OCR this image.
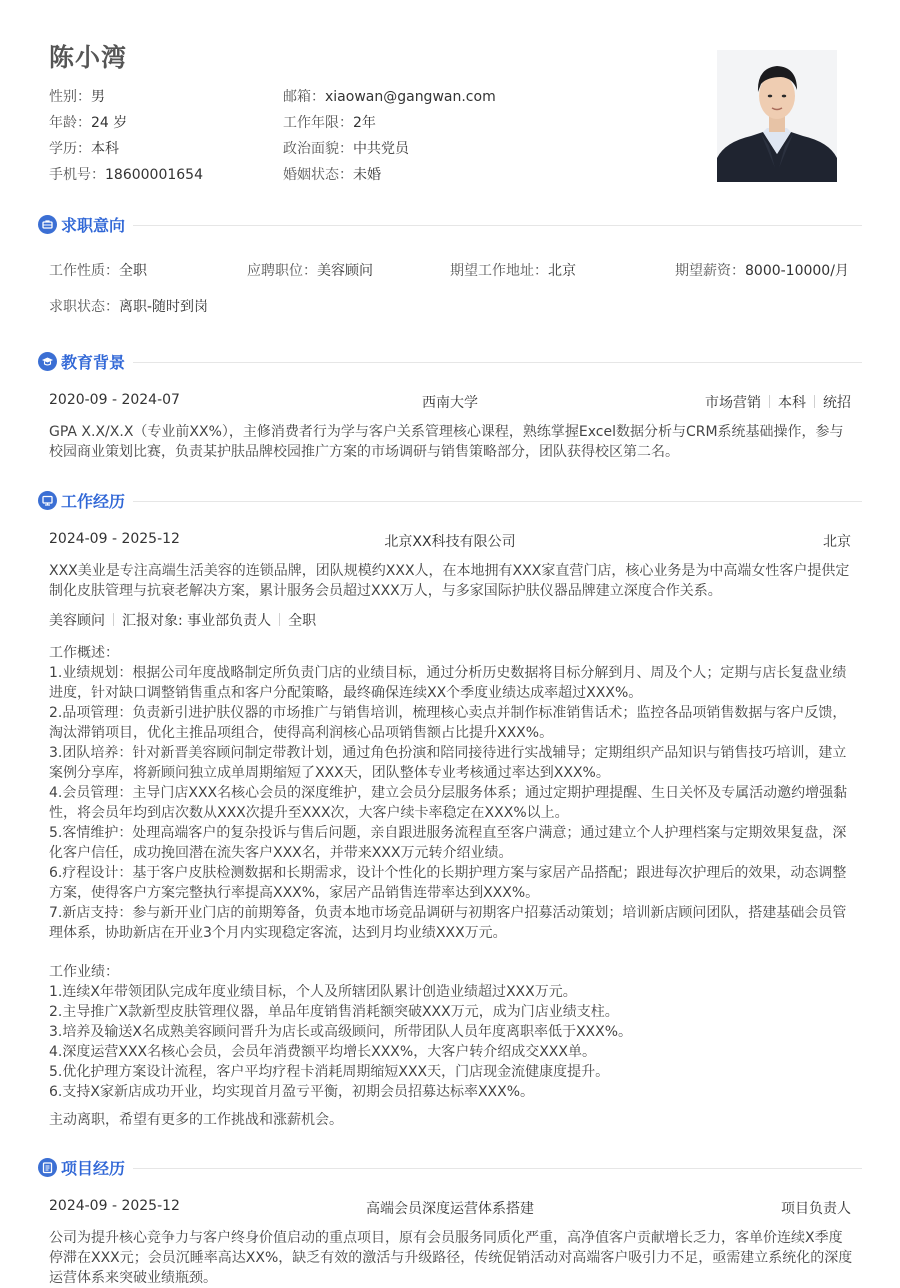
陈小湾
性别：男
年龄：24 岁
学历：本科
手机号：18600001654
邮箱：xiaowan@gangwan.com
工作年限：2年
政治面貌：中共党员
婚姻状态：未婚
求职意向
工作性质：全职	应聘职位：美容顾问	期望工作地址：北京	期望薪资：8000-10000/月
求职状态：离职-随时到岗
教育背景
2020-09 - 2024-07	西南大学	市场营销 本科 统招
GPA X.X/X.X（专业前XX%），主修消费者行为学与客户关系管理核心课程，熟练掌握Excel数据分析与CRM系统基础操作，参与校园商业策划比赛，负责某护肤品牌校园推广方案的市场调研与销售策略部分，团队获得校区第二名。
工作经历
2024-09 - 2025-12	北京XX科技有限公司	北京
XXX美业是专注高端生活美容的连锁品牌，团队规模约XXX人，在本地拥有XXX家直营门店，核心业务是为中高端女性客户提供定制化皮肤管理与抗衰老解决方案，累计服务会员超过XXX万人，与多家国际护肤仪器品牌建立深度合作关系。
美容顾问 汇报对象: 事业部负责人 全职
工作概述：
1.业绩规划：根据公司年度战略制定所负责门店的业绩目标，通过分析历史数据将目标分解到月、周及个人；定期与店长复盘业绩进度，针对缺口调整销售重点和客户分配策略，最终确保连续XX个季度业绩达成率超过XXX%。
2.品项管理：负责新引进护肤仪器的市场推广与销售培训，梳理核心卖点并制作标准销售话术；监控各品项销售数据与客户反馈，淘汰滞销项目，优化主推品项组合，使得高利润核心品项销售额占比提升XXX%。
3.团队培养：针对新晋美容顾问制定带教计划，通过角色扮演和陪同接待进行实战辅导；定期组织产品知识与销售技巧培训，建立案例分享库，将新顾问独立成单周期缩短了XXX天，团队整体专业考核通过率达到XXX%。
4.会员管理：主导门店XXX名核心会员的深度维护，建立会员分层服务体系；通过定期护理提醒、生日关怀及专属活动邀约增强黏性，将会员年均到店次数从XXX次提升至XXX次，大客户续卡率稳定在XXX%以上。
5.客情维护：处理高端客户的复杂投诉与售后问题，亲自跟进服务流程直至客户满意；通过建立个人护理档案与定期效果复盘，深化客户信任，成功挽回潜在流失客户XXX名，并带来XXX万元转介绍业绩。
6.疗程设计：基于客户皮肤检测数据和长期需求，设计个性化的长期护理方案与家居产品搭配；跟进每次护理后的效果，动态调整方案，使得客户方案完整执行率提高XXX%，家居产品销售连带率达到XXX%。
7.新店支持：参与新开业门店的前期筹备，负责本地市场竞品调研与初期客户招募活动策划；培训新店顾问团队，搭建基础会员管理体系，协助新店在开业3个月内实现稳定客流，达到月均业绩XXX万元。
工作业绩：
1.连续X年带领团队完成年度业绩目标，个人及所辖团队累计创造业绩超过XXX万元。
2.主导推广X款新型皮肤管理仪器，单品年度销售消耗额突破XXX万元，成为门店业绩支柱。
3.培养及输送X名成熟美容顾问晋升为店长或高级顾问，所带团队人员年度离职率低于XXX%。
4.深度运营XXX名核心会员，会员年消费额平均增长XXX%，大客户转介绍成交XXX单。
5.优化护理方案设计流程，客户平均疗程卡消耗周期缩短XXX天，门店现金流健康度提升。
6.支持X家新店成功开业，均实现首月盈亏平衡，初期会员招募达标率XXX%。
主动离职，希望有更多的工作挑战和涨薪机会。
项目经历
2024-09 - 2025-12	高端会员深度运营体系搭建	项目负责人
公司为提升核心竞争力与客户终身价值启动的重点项目，原有会员服务同质化严重，高净值客户贡献增长乏力，客单价连续X季度停滞在XXX元；会员沉睡率高达XX%，缺乏有效的激活与升级路径，传统促销活动对高端客户吸引力不足，亟需建立系统化的深度运营体系来突破业绩瓶颈。
